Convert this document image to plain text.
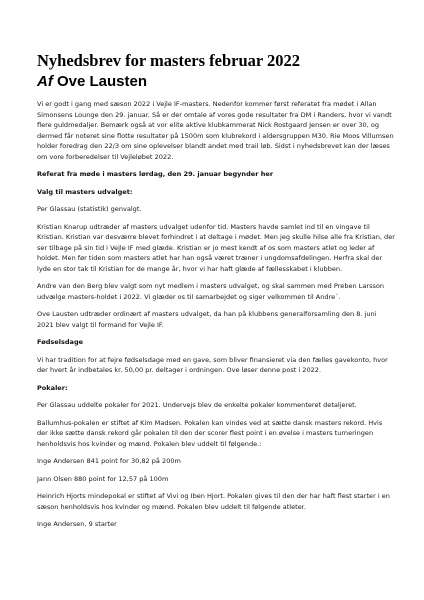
Nyhedsbrev for masters februar 2022
Af Ove Lausten

Vi er godt i gang med sæson 2022 i Vejle IF-masters. Nedenfor kommer først referatet fra mødet i Allan Simonsens Lounge den 29. januar. Så er der omtale af vores gode resultater fra DM i Randers, hvor vi vandt flere guldmedaljer. Bemærk også at vor elite aktive klubkammerat Nick Rostgaard Jensen er over 30, og dermed får noteret sine flotte resultater på 1500m som klubrekord i aldersgruppen M30. Rie Moos Villumsen holder foredrag den 22/3 om sine oplevelser blandt andet med trail løb. Sidst i nyhedsbrevet kan der læses om vore forberedelser til Vejleløbet 2022.

Referat fra møde i masters lørdag, den 29. januar begynder her

Valg til masters udvalget:

Per Glassau (statistik) genvalgt.

Kristian Knarup udtræder af masters udvalget udenfor tid. Masters havde samlet ind til en vingave til Kristian. Kristian var desværre blevet forhindret i at deltage i mødet. Men jeg skulle hilse alle fra Kristian, der ser tilbage på sin tid i Vejle IF med glæde. Kristian er jo mest kendt af os som masters atlet og leder af holdet. Men før tiden som masters atlet har han også været træner i ungdomsafdelingen. Herfra skal der lyde en stor tak til Kristian for de mange år, hvor vi har haft glæde af fællesskabet i klubben.

Andre van den Berg blev valgt som nyt medlem i masters udvalget, og skal sammen med Preben Larsson udvælge masters-holdet i 2022. Vi glæder os til samarbejdet og siger velkommen til Andre´.

Ove Lausten udtræder ordinært af masters udvalget, da han på klubbens generalforsamling den 8. juni 2021 blev valgt til formand for Vejle IF.

Fødselsdage

Vi har tradition for at fejre fødselsdage med en gave, som bliver finansieret via den fælles gavekonto, hvor der hvert år indbetales kr. 50,00 pr. deltager i ordningen. Ove løser denne post i 2022.

Pokaler:

Per Glassau uddelte pokaler for 2021. Undervejs blev de enkelte pokaler kommenteret detaljeret.

Ballumhus-pokalen er stiftet af Kim Madsen. Pokalen kan vindes ved at sætte dansk masters rekord. Hvis der ikke sætte dansk rekord går pokalen til den der scorer flest point i en øvelse i masters turneringen henholdsvis hos kvinder og mænd. Pokalen blev uddelt til følgende.:

Inge Andersen 841 point for 30,82 på 200m

Jann Olsen 880 point for 12,57 på 100m

Heinrich Hjorts mindepokal er stiftet af Vivi og Iben Hjort. Pokalen gives til den der har haft flest starter i en sæson henholdsvis hos kvinder og mænd. Pokalen blev uddelt til følgende atleter.

Inge Andersen, 9 starter
